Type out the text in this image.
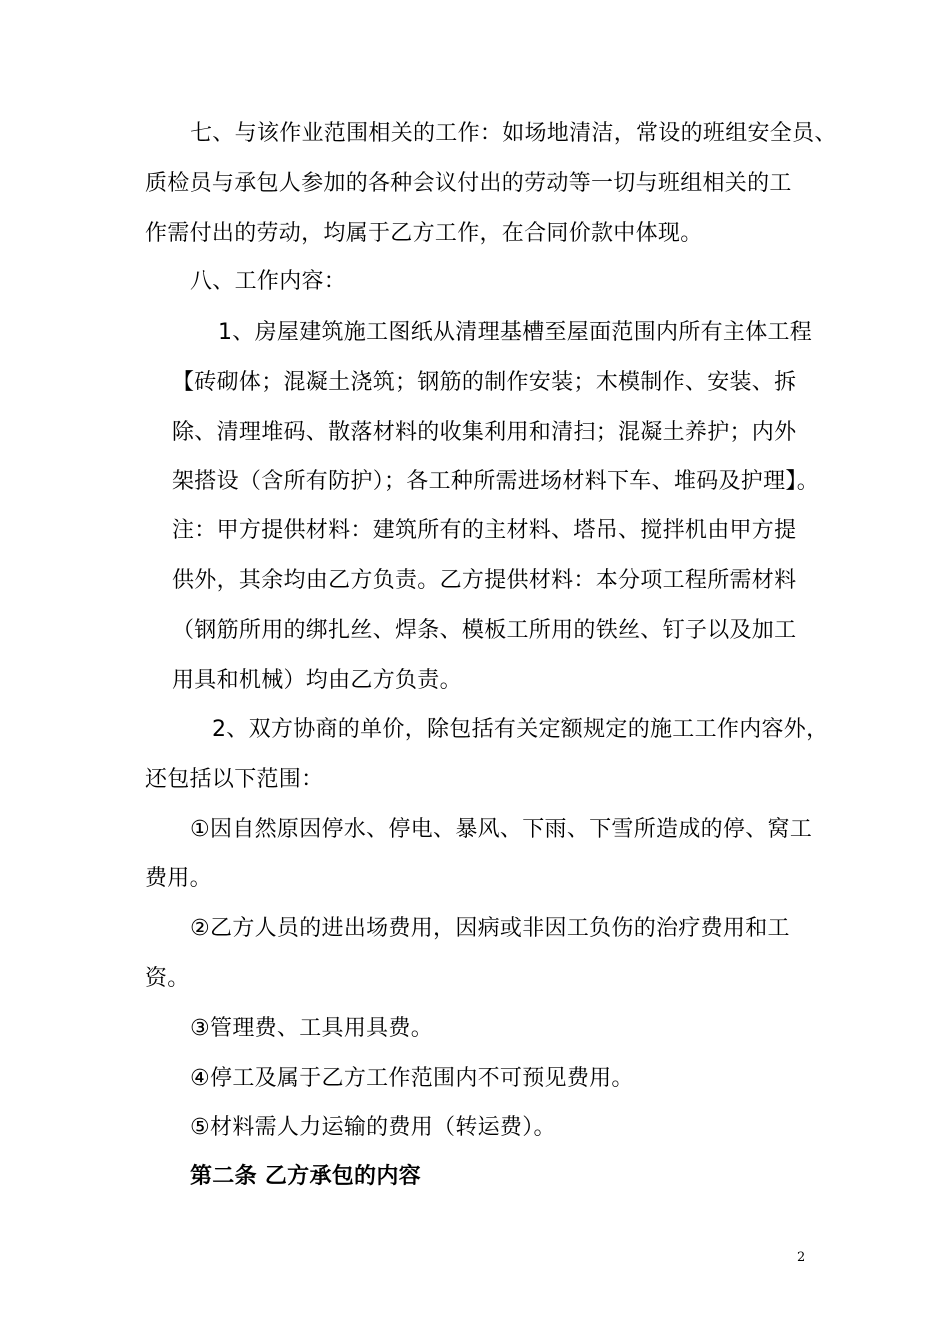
七、与该作业范围相关的工作：如场地清洁，常设的班组安全员、
质检员与承包人参加的各种会议付出的劳动等一切与班组相关的工
作需付出的劳动，均属于乙方工作，在合同价款中体现。
八、工作内容：
1、房屋建筑施工图纸从清理基槽至屋面范围内所有主体工程
【砖砌体；混凝土浇筑；钢筋的制作安装；木模制作、安装、拆
除、清理堆码、散落材料的收集利用和清扫；混凝土养护；内外
架搭设（含所有防护）；各工种所需进场材料下车、堆码及护理】。
注：甲方提供材料：建筑所有的主材料、塔吊、搅拌机由甲方提
供外，其余均由乙方负责。乙方提供材料：本分项工程所需材料
（钢筋所用的绑扎丝、焊条、模板工所用的铁丝、钉子以及加工
用具和机械）均由乙方负责。
2、双方协商的单价，除包括有关定额规定的施工工作内容外，
还包括以下范围：
①因自然原因停水、停电、暴风、下雨、下雪所造成的停、窝工
费用。
②乙方人员的进出场费用，因病或非因工负伤的治疗费用和工
资。
③管理费、工具用具费。
④停工及属于乙方工作范围内不可预见费用。
⑤材料需人力运输的费用（转运费）。
第二条 乙方承包的内容
2
